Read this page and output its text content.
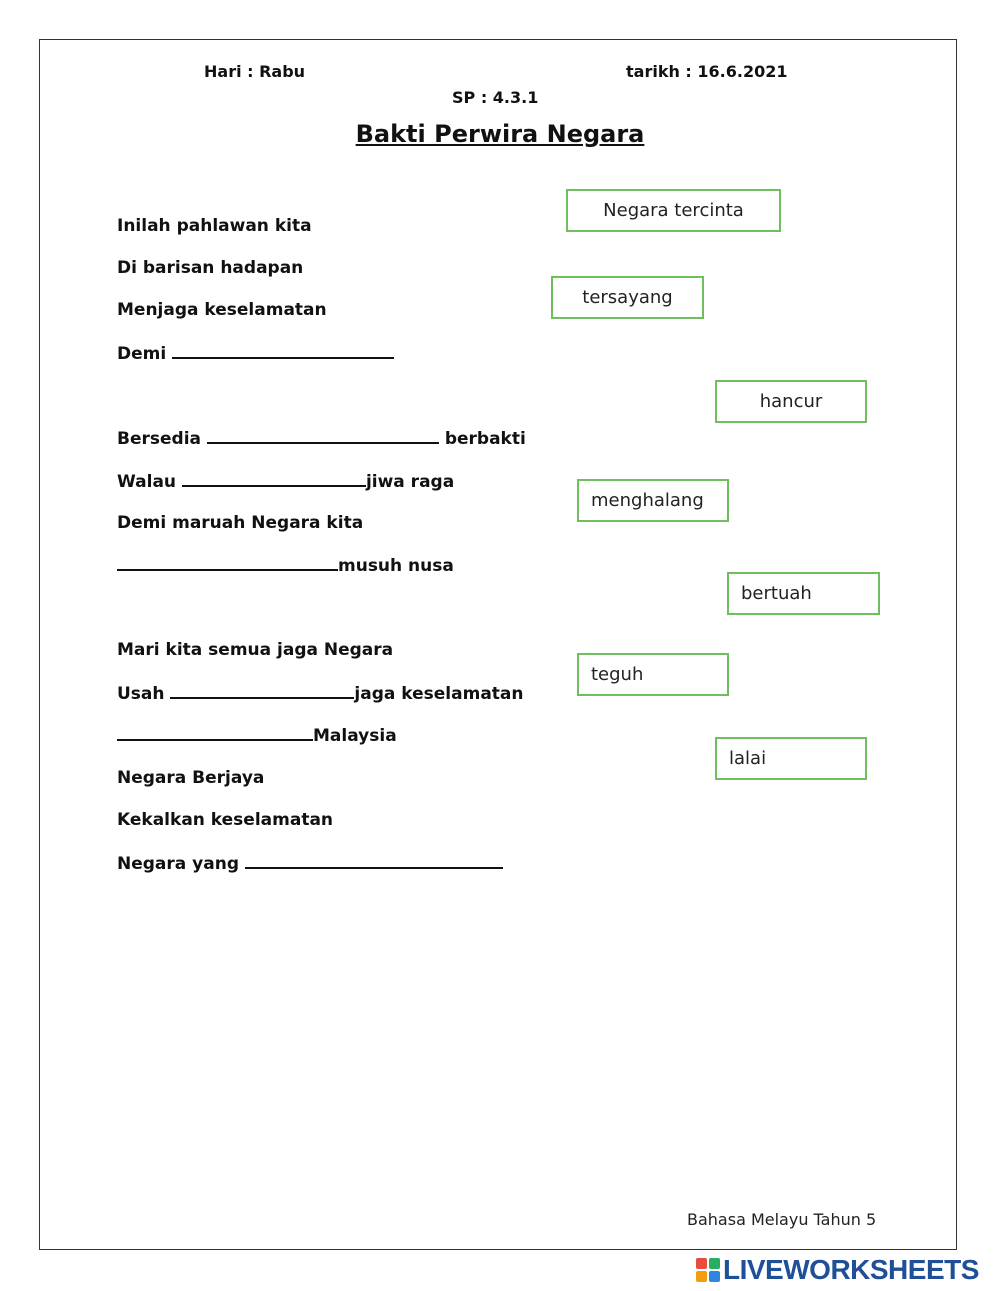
Hari : Rabu	tarikh : 16.6.2021
SP : 4.3.1
Bakti Perwira Negara
Inilah pahlawan kita
Di barisan hadapan
Menjaga keselamatan
Demi
Bersedia	berbakti
Walau	jiwa raga
Demi maruah Negara kita
musuh nusa
Mari kita semua jaga Negara
Usah	jaga keselamatan
Malaysia
Negara Berjaya
Kekalkan keselamatan
Negara yang
Negara tercinta
tersayang
hancur
menghalang
bertuah
teguh
lalai
Bahasa Melayu Tahun 5
LIVEWORKSHEETS
